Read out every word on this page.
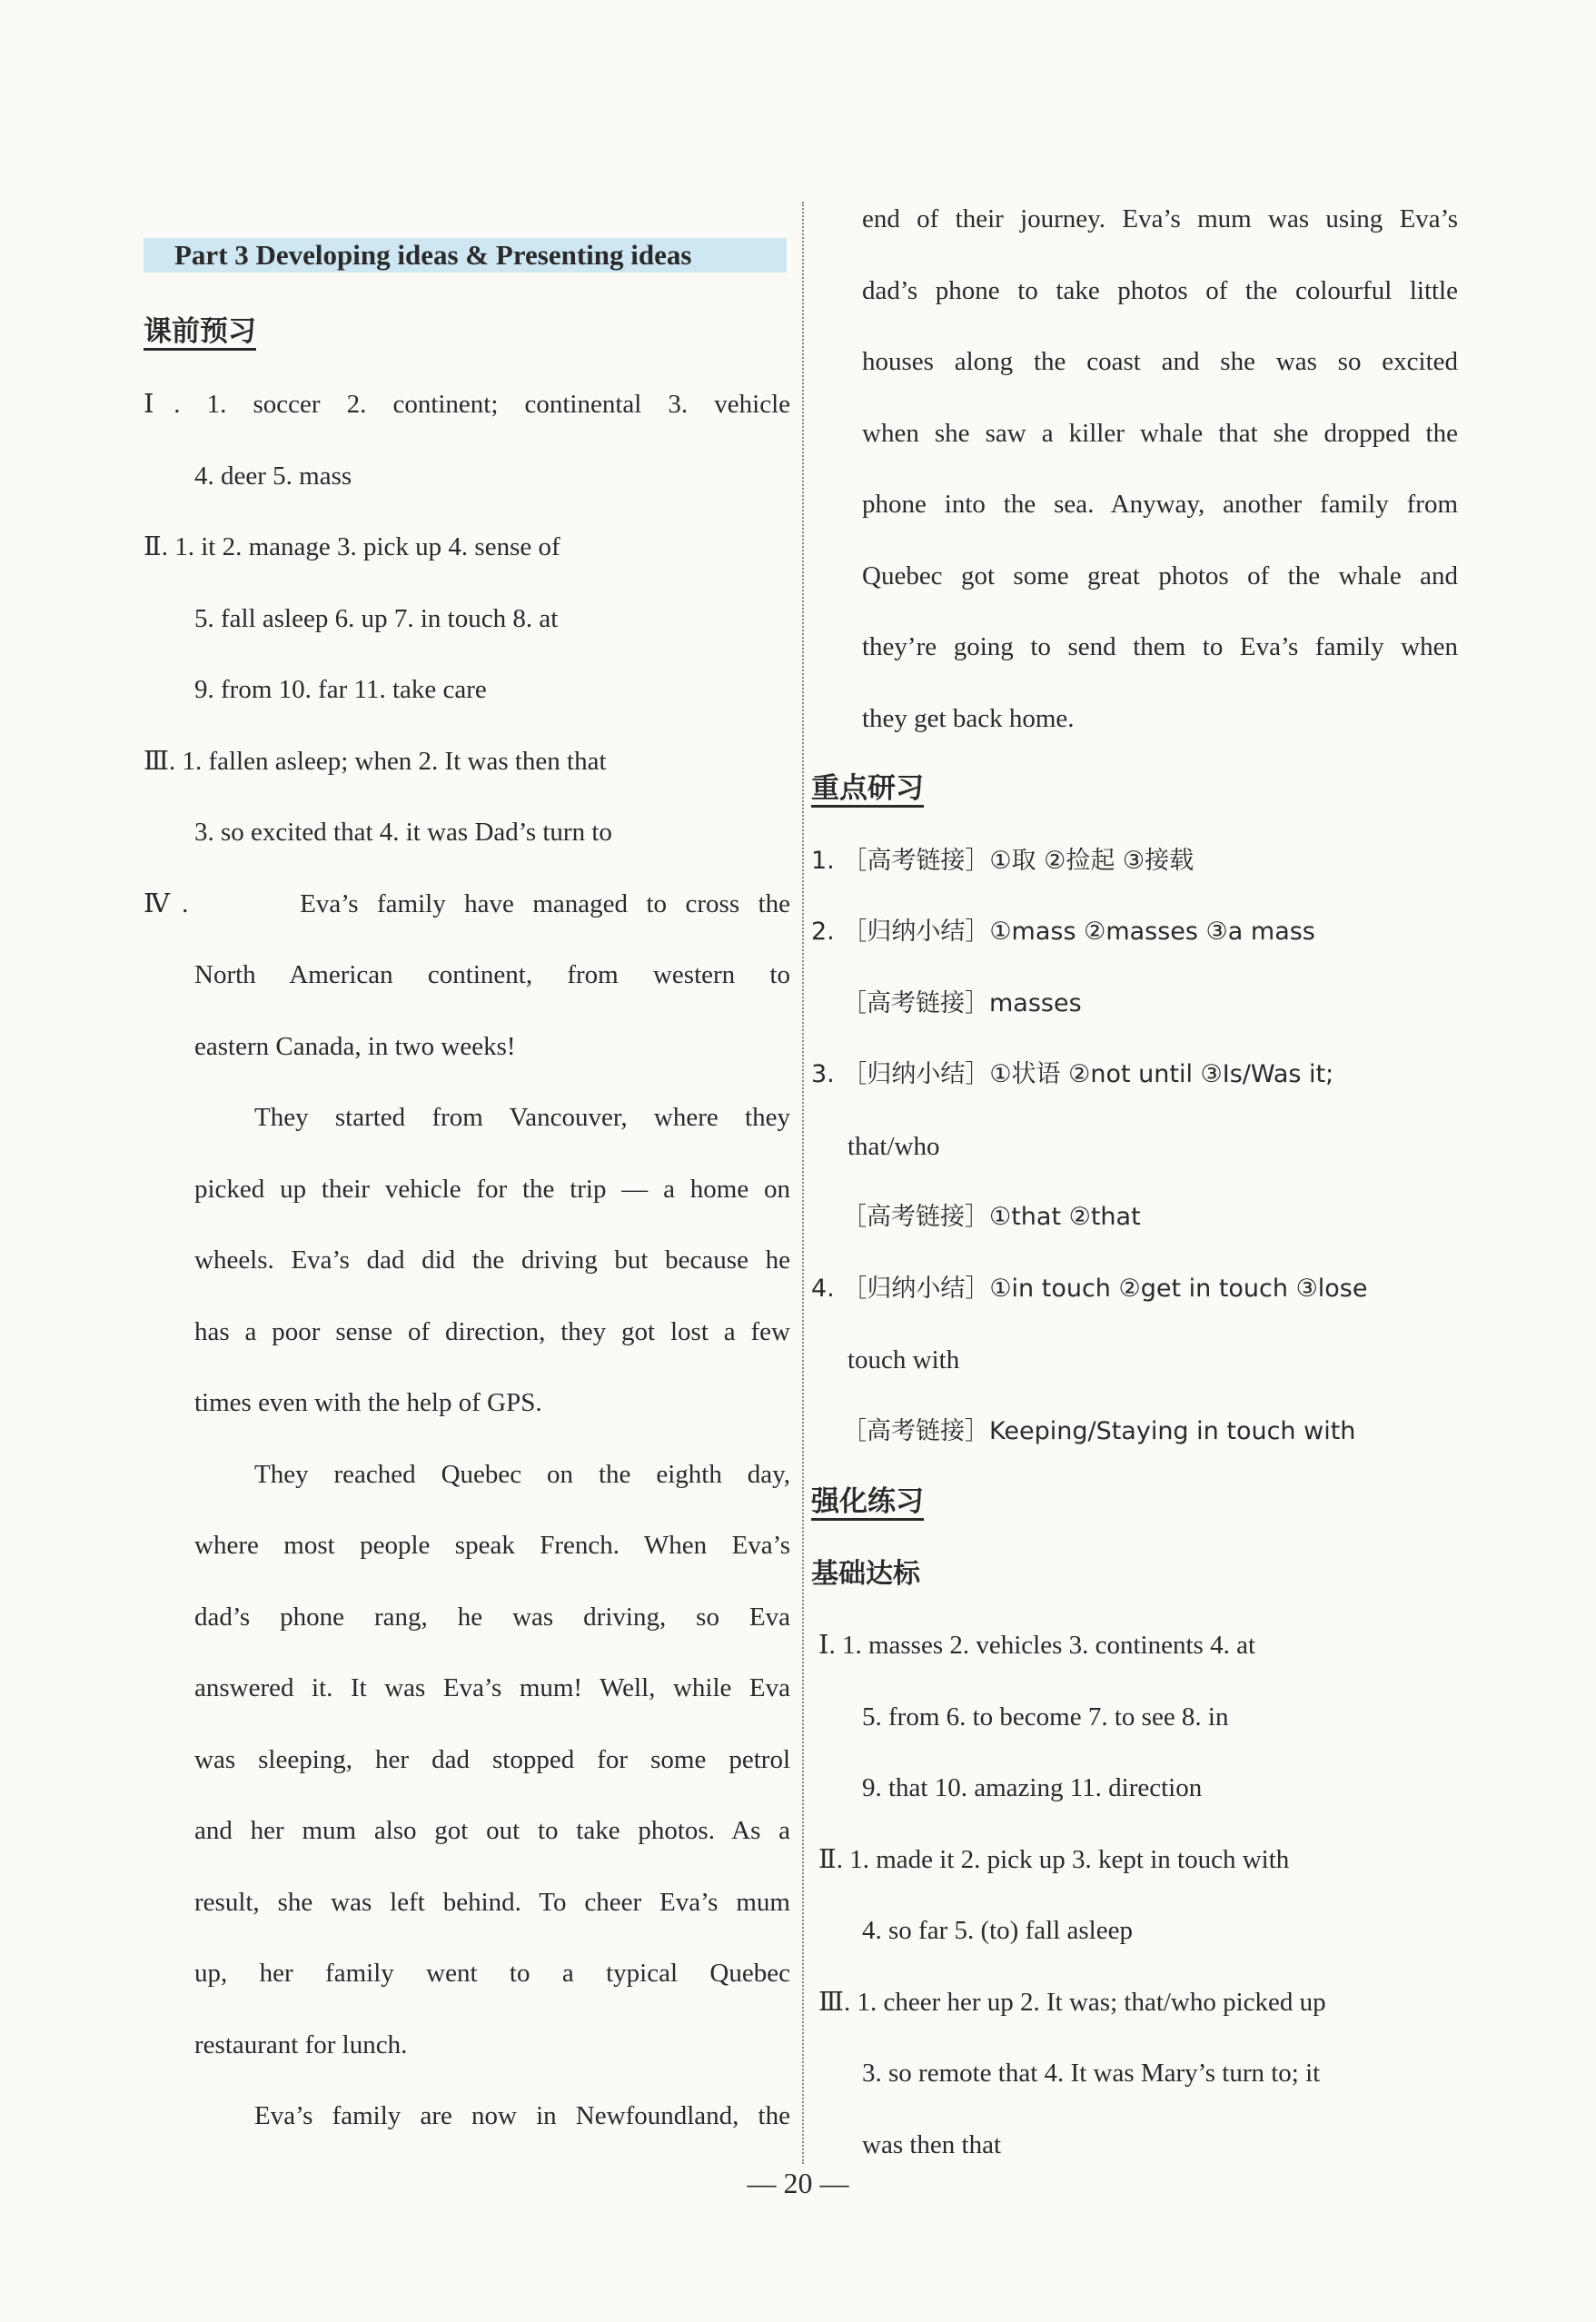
Part 3 Developing ideas & Presenting ideas
课前预习
Ⅰ. 1. soccer 2. continent; continental 3. vehicle
4. deer 5. mass
Ⅱ. 1. it 2. manage 3. pick up 4. sense of
5. fall asleep 6. up 7. in touch 8. at
9. from 10. far 11. take care
Ⅲ. 1. fallen asleep; when 2. It was then that
3. so excited that 4. it was Dad’s turn to
Ⅳ.      Eva’s family have managed to cross the
North American continent, from western to
eastern Canada, in two weeks!
They started from Vancouver, where they
picked up their vehicle for the trip — a home on
wheels. Eva’s dad did the driving but because he
has a poor sense of direction, they got lost a few
times even with the help of GPS.
They reached Quebec on the eighth day,
where most people speak French. When Eva’s
dad’s phone rang, he was driving, so Eva
answered it. It was Eva’s mum! Well, while Eva
was sleeping, her dad stopped for some petrol
and her mum also got out to take photos. As a
result, she was left behind. To cheer Eva’s mum
up, her family went to a typical Quebec
restaurant for lunch.
Eva’s family are now in Newfoundland, the
end of their journey. Eva’s mum was using Eva’s
dad’s phone to take photos of the colourful little
houses along the coast and she was so excited
when she saw a killer whale that she dropped the
phone into the sea. Anyway, another family from
Quebec got some great photos of the whale and
they’re going to send them to Eva’s family when
they get back home.
重点研习
1. ［高考链接］①取 ②捡起 ③接载
2. ［归纳小结］①mass ②masses ③a mass
［高考链接］masses
3. ［归纳小结］①状语 ②not until ③Is/Was it;
that/who
［高考链接］①that ②that
4. ［归纳小结］①in touch ②get in touch ③lose
touch with
［高考链接］Keeping/Staying in touch with
强化练习
基础达标
Ⅰ. 1. masses 2. vehicles 3. continents 4. at
5. from 6. to become 7. to see 8. in
9. that 10. amazing 11. direction
Ⅱ. 1. made it 2. pick up 3. kept in touch with
4. so far 5. (to) fall asleep
Ⅲ. 1. cheer her up 2. It was; that/who picked up
3. so remote that 4. It was Mary’s turn to; it
was then that
— 20 —
